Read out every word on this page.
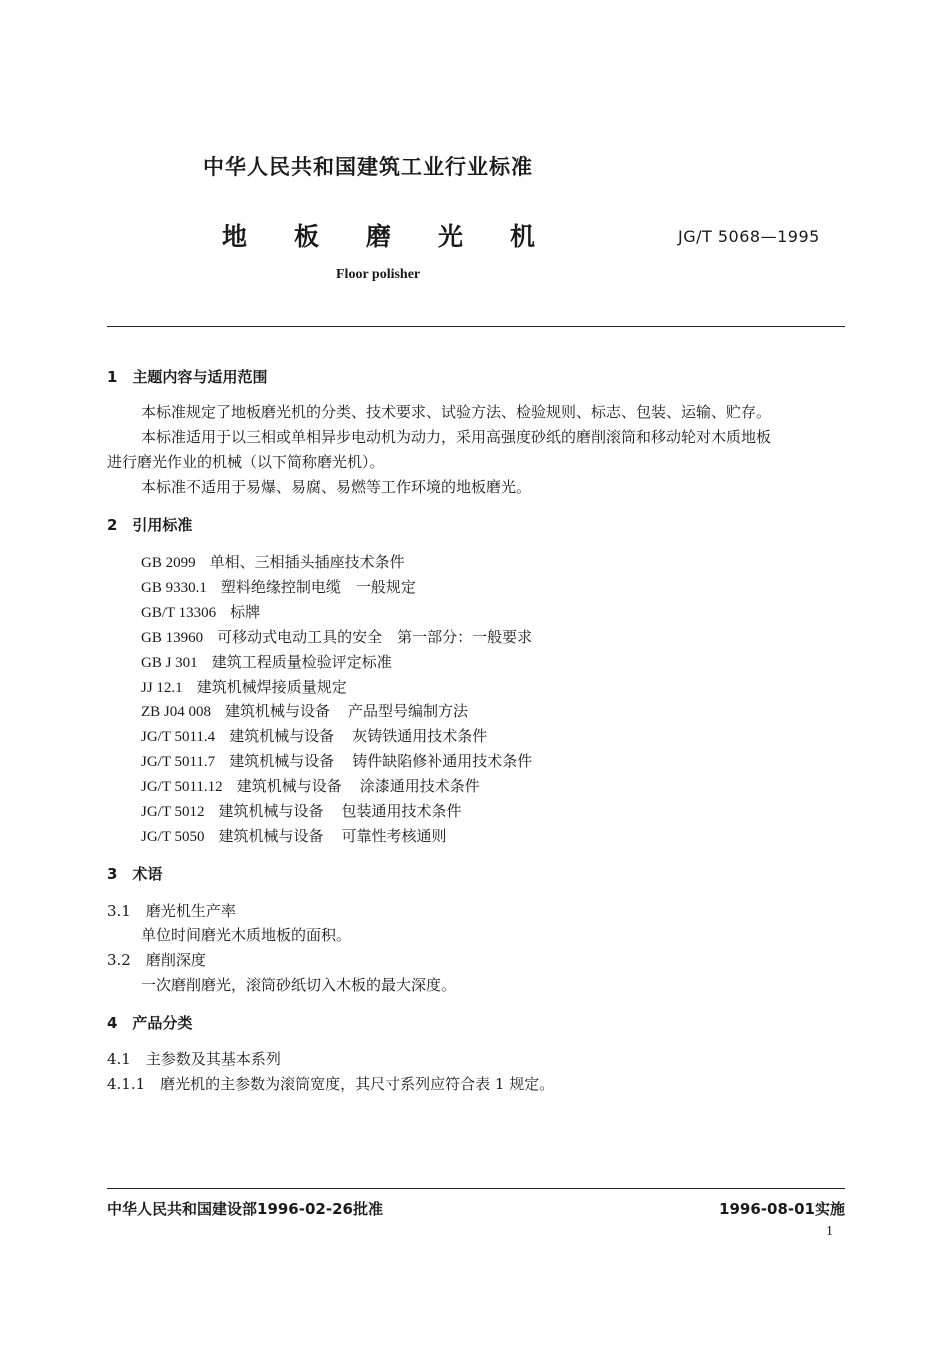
中华人民共和国建筑工业行业标准
地板磨光机	JG/T 5068—1995
Floor polisher
1　主题内容与适用范围
本标准规定了地板磨光机的分类、技术要求、试验方法、检验规则、标志、包装、运输、贮存。
本标准适用于以三相或单相异步电动机为动力，采用高强度砂纸的磨削滚筒和移动轮对木质地板
进行磨光作业的机械（以下简称磨光机）。
本标准不适用于易爆、易腐、易燃等工作环境的地板磨光。
2　引用标准
GB 2099 单相、三相插头插座技术条件
GB 9330.1 塑料绝缘控制电缆　一般规定
GB/T 13306 标牌
GB 13960 可移动式电动工具的安全　第一部分：一般要求
GB J 301 建筑工程质量检验评定标准
JJ 12.1 建筑机械焊接质量规定
ZB J04 008 建筑机械与设备 产品型号编制方法
JG/T 5011.4 建筑机械与设备 灰铸铁通用技术条件
JG/T 5011.7 建筑机械与设备 铸件缺陷修补通用技术条件
JG/T 5011.12 建筑机械与设备 涂漆通用技术条件
JG/T 5012 建筑机械与设备 包装通用技术条件
JG/T 5050 建筑机械与设备 可靠性考核通则
3　术语
3.1　磨光机生产率
单位时间磨光木质地板的面积。
3.2　磨削深度
一次磨削磨光，滚筒砂纸切入木板的最大深度。
4　产品分类
4.1　主参数及其基本系列
4.1.1　磨光机的主参数为滚筒宽度，其尺寸系列应符合表 1 规定。
中华人民共和国建设部1996-02-26批准	1996-08-01实施
1
